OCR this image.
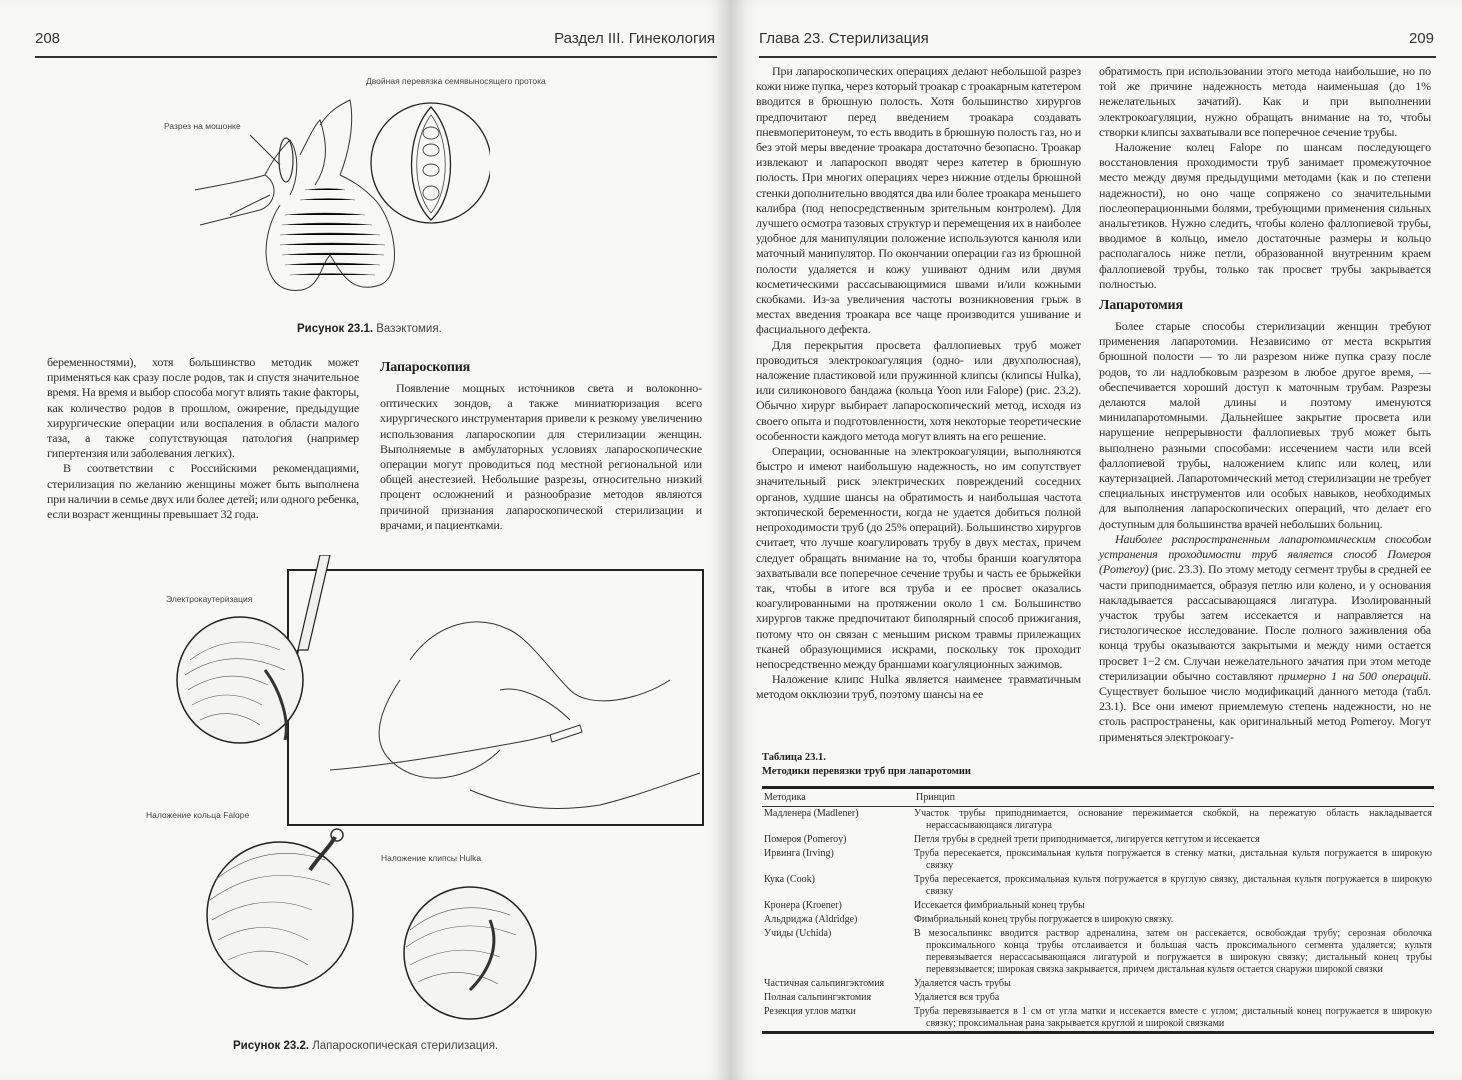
208	Раздел III. Гинекология
Двойная перевязка семявыносящего протока
Разрез на мошонке
Рисунок 23.1. Вазэктомия.

беременностями), хотя большинство методик может применяться как сразу после родов, так и спустя значительное время. На время и выбор способа могут влиять такие факторы, как количество родов в прошлом, ожирение, предыдущие хирургические операции или воспаления в области малого таза, а также сопутствующая патология (например гипертензия или заболевания легких).

В соответствии с Российскими рекомендациями, стерилизация по желанию женщины может быть выполнена при наличии в семье двух или более детей; или одного ребенка, если возраст женщины превышает 32 года.

Лапароскопия

Появление мощных источников света и волоконно-оптических зондов, а также миниатюризация всего хирургического инструментария привели к резкому увеличению использования лапароскопии для стерилизации женщин. Выполняемые в амбулаторных условиях лапароскопические операции могут проводиться под местной региональной или общей анестезией. Небольшие разрезы, относительно низкий процент осложнений и разнообразие методов являются причиной признания лапароскопической стерилизации и врачами, и пациентками.

Электрокаутеризация
Наложение кольца Falope
Наложение клипсы Hulka
Рисунок 23.2. Лапароскопическая стерилизация.
Глава 23. Стерилизация	209

При лапароскопических операциях делают небольшой разрез кожи ниже пупка, через который троакар с троакарным катетером вводится в брюшную полость. Хотя большинство хирургов предпочитают перед введением троакара создавать пневмоперитонеум, то есть вводить в брюшную полость газ, но и без этой меры введение троакара достаточно безопасно. Троакар извлекают и лапароскоп вводят через катетер в брюшную полость. При многих операциях через нижние отделы брюшной стенки дополнительно вводятся два или более троакара меньшего калибра (под непосредственным зрительным контролем). Для лучшего осмотра тазовых структур и перемещения их в наиболее удобное для манипуляции положение используются канюля или маточный манипулятор. По окончании операции газ из брюшной полости удаляется и кожу ушивают одним или двумя косметическими рассасывающимися швами и/или кожными скобками. Из-за увеличения частоты возникновения грыж в местах введения троакара все чаще производится ушивание и фасциального дефекта.

Для перекрытия просвета фаллопиевых труб может проводиться электрокоагуляция (одно- или двухполюсная), наложение пластиковой или пружинной клипсы (клипсы Hulka), или силиконового бандажа (кольца Yoon или Falope) (рис. 23.2). Обычно хирург выбирает лапароскопический метод, исходя из своего опыта и подготовленности, хотя некоторые теоретические особенности каждого метода могут влиять на его решение.

Операции, основанные на электрокоагуляции, выполняются быстро и имеют наибольшую надежность, но им сопутствует значительный риск электрических повреждений соседних органов, худшие шансы на обратимость и наибольшая частота эктопической беременности, когда не удается добиться полной непроходимости труб (до 25% операций). Большинство хирургов считает, что лучше коагулировать трубу в двух местах, причем следует обращать внимание на то, чтобы бранши коагулятора захватывали все поперечное сечение трубы и часть ее брыжейки так, чтобы в итоге вся труба и ее просвет оказались коагулированными на протяжении около 1 см. Большинство хирургов также предпочитают биполярный способ прижигания, потому что он связан с меньшим риском травмы прилежащих тканей образующимися искрами, поскольку ток проходит непосредственно между браншами коагуляционных зажимов.

Наложение клипс Hulka является наименее травматичным методом окклюзии труб, поэтому шансы на ее

обратимость при использовании этого метода наибольшие, но по той же причине надежность метода наименьшая (до 1% нежелательных зачатий). Как и при выполнении электрокоагуляции, нужно обращать внимание на то, чтобы створки клипсы захватывали все поперечное сечение трубы.

Наложение колец Falope по шансам последующего восстановления проходимости труб занимает промежуточное место между двумя предыдущими методами (как и по степени надежности), но оно чаще сопряжено со значительными послеоперационными болями, требующими применения сильных анальгетиков. Нужно следить, чтобы колено фаллопиевой трубы, вводимое в кольцо, имело достаточные размеры и кольцо располагалось ниже петли, образованной внутренним краем фаллопиевой трубы, только так просвет трубы закрывается полностью.

Лапаротомия

Более старые способы стерилизации женщин требуют применения лапаротомии. Независимо от места вскрытия брюшной полости — то ли разрезом ниже пупка сразу после родов, то ли надлобковым разрезом в любое другое время, — обеспечивается хороший доступ к маточным трубам. Разрезы делаются малой длины и поэтому именуются минилапаротомными. Дальнейшее закрытие просвета или нарушение непрерывности фаллопиевых труб может быть выполнено разными способами: иссечением части или всей фаллопиевой трубы, наложением клипс или колец, или каутеризацией. Лапаротомический метод стерилизации не требует специальных инструментов или особых навыков, необходимых для выполнения лапароскопических операций, что делает его доступным для большинства врачей небольших больниц.

Наиболее распространенным лапаротомическим способом устранения проходимости труб является способ Помероя (Pomeroy) (рис. 23.3). По этому методу сегмент трубы в средней ее части приподнимается, образуя петлю или колено, и у основания накладывается рассасывающаяся лигатура. Изолированный участок трубы затем иссекается и направляется на гистологическое исследование. После полного заживления оба конца трубы оказываются закрытыми и между ними остается просвет 1−2 см. Случаи нежелательного зачатия при этом методе стерилизации обычно составляют примерно 1 на 500 операций. Существует большое число модификаций данного метода (табл. 23.1). Все они имеют приемлемую степень надежности, но не столь распространены, как оригинальный метод Pomeroy. Могут применяться электрокоагу-

Таблица 23.1.
Методики перевязки труб при лапаротомии
Методика	Принцип
Мадленера (Madlener)	Участок трубы приподнимается, основание пережимается скобкой, на пережатую область накладывается нерассасывающаяся лигатура

Помероя (Pomeroy)	Петля трубы в средней трети приподнимается, лигируется кетгутом и иссекается

Ирвинга (Irving)	Труба пересекается, проксимальная культя погружается в стенку матки, дистальная культя погружается в широкую связку

Кука (Cook)	Труба пересекается, проксимальная культя погружается в круглую связку, дистальная культя погружается в широкую связку

Кронера (Kroener)	Иссекается фимбриальный конец трубы

Альдриджа (Aldridge)	Фимбриальный конец трубы погружается в широкую связку.

Учиды (Uchida)	В мезосальпинкс вводится раствор адреналина, затем он рассекается, освобождая трубу; серозная оболочка проксимального конца трубы отслаивается и большая часть проксимального сегмента удаляется; культя перевязывается нерассасывающаяся лигатурой и погружается в широкую связку; дистальный конец трубы перевязывается; широкая связка закрывается, причем дистальная культя остается снаружи широкой связки

Частичная сальпингэктомия	Удаляется часть трубы

Полная сальпингэктомия	Удаляется вся труба

Резекция углов матки	Труба перевязывается в 1 см от угла матки и иссекается вместе с углом; дистальный конец погружается в широкую связку; проксимальная рана закрывается круглой и широкой связками
